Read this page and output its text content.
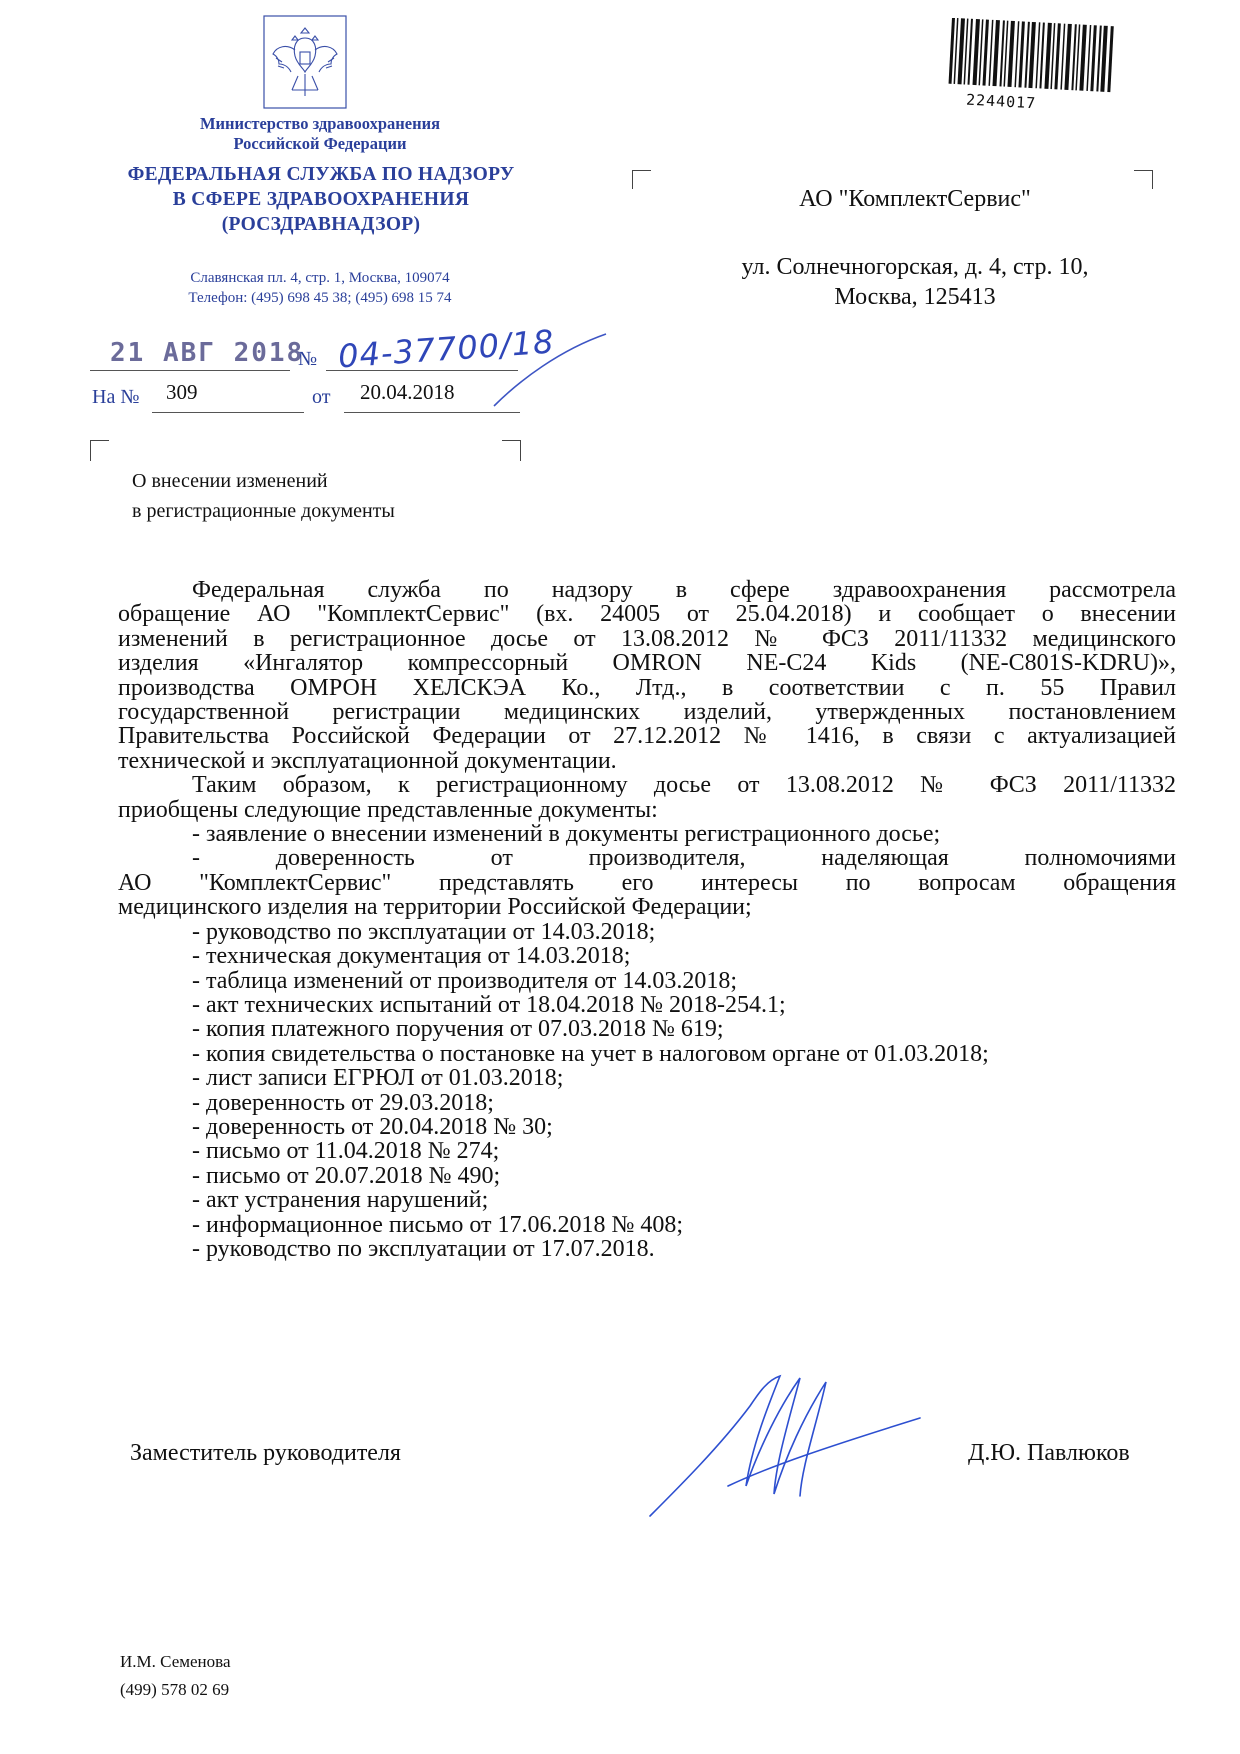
Министерство здравоохранения
Российской Федерации
ФЕДЕРАЛЬНАЯ СЛУЖБА ПО НАДЗОРУ
В СФЕРЕ ЗДРАВООХРАНЕНИЯ
(РОСЗДРАВНАДЗОР)
Славянская пл. 4, стр. 1, Москва, 109074
Телефон: (495) 698 45 38; (495) 698 15 74
2244017
АО "КомплектСервис"
ул. Солнечногорская, д. 4, стр. 10,
Москва, 125413
21 АВГ 2018
№ 04-37700/18
На № 309	от 20.04.2018
О внесении изменений
в регистрационные документы

Федеральная служба по надзору в сфере здравоохранения рассмотрела

обращение АО "КомплектСервис" (вх. 24005 от 25.04.2018) и сообщает о внесении

изменений в регистрационное досье от 13.08.2012 № ФСЗ 2011/11332 медицинского

изделия «Ингалятор компрессорный OMRON NE-C24 Kids (NE-C801S-KDRU)»,

производства ОМРОН ХЕЛСКЭА Ко., Лтд., в соответствии с п. 55 Правил

государственной регистрации медицинских изделий, утвержденных постановлением

Правительства Российской Федерации от 27.12.2012 № 1416, в связи с актуализацией

технической и эксплуатационной документации.

Таким образом, к регистрационному досье от 13.08.2012 № ФСЗ 2011/11332

приобщены следующие представленные документы:

- заявление о внесении изменений в документы регистрационного досье;

- доверенность от производителя, наделяющая полномочиями

АО "КомплектСервис" представлять его интересы по вопросам обращения

медицинского изделия на территории Российской Федерации;

- руководство по эксплуатации от 14.03.2018;

- техническая документация от 14.03.2018;

- таблица изменений от производителя от 14.03.2018;

- акт технических испытаний от 18.04.2018 № 2018-254.1;

- копия платежного поручения от 07.03.2018 № 619;

- копия свидетельства о постановке на учет в налоговом органе от 01.03.2018;

- лист записи ЕГРЮЛ от 01.03.2018;

- доверенность от 29.03.2018;

- доверенность от 20.04.2018 № 30;

- письмо от 11.04.2018 № 274;

- письмо от 20.07.2018 № 490;

- акт устранения нарушений;

- информационное письмо от 17.06.2018 № 408;

- руководство по эксплуатации от 17.07.2018.

Заместитель руководителя	Д.Ю. Павлюков
И.М. Семенова
(499) 578 02 69
